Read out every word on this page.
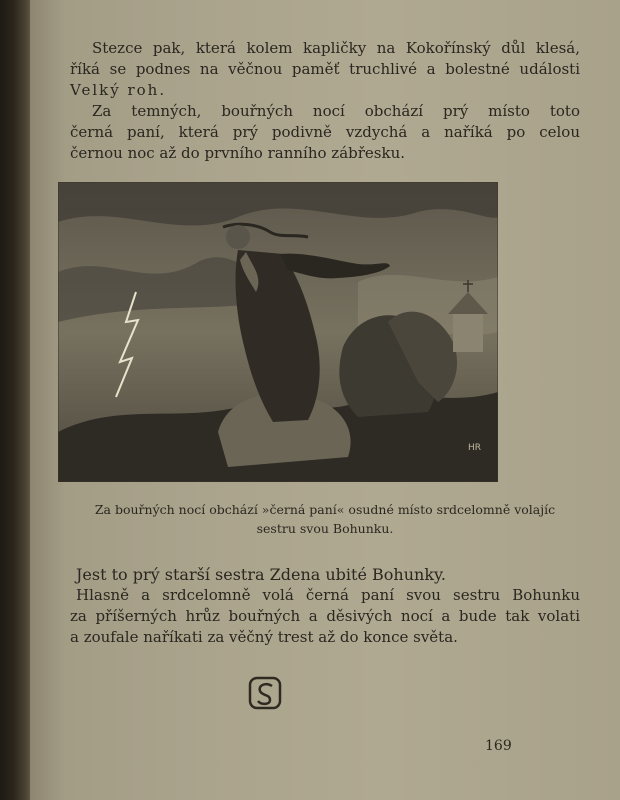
Stezce pak, která kolem kapličky na Kokořínský důl klesá,
říká se podnes na věčnou paměť truchlivé a bolestné události
Velký roh.
Za temných, bouřných nocí obchází prý místo toto
černá paní, která prý podivně vzdychá a naříká po celou
černou noc až do prvního ranního zábřesku.
HR
Za bouřných nocí obchází »černá paní« osudné místo srdcelomně volajíc
sestru svou Bohunku.
Jest to prý starší sestra Zdena ubité Bohunky.
Hlasně a srdcelomně volá černá paní svou sestru Bohunku
za příšerných hrůz bouřných a děsivých nocí a bude tak volati
a zoufale naříkati za věčný trest až do konce světa.
169
